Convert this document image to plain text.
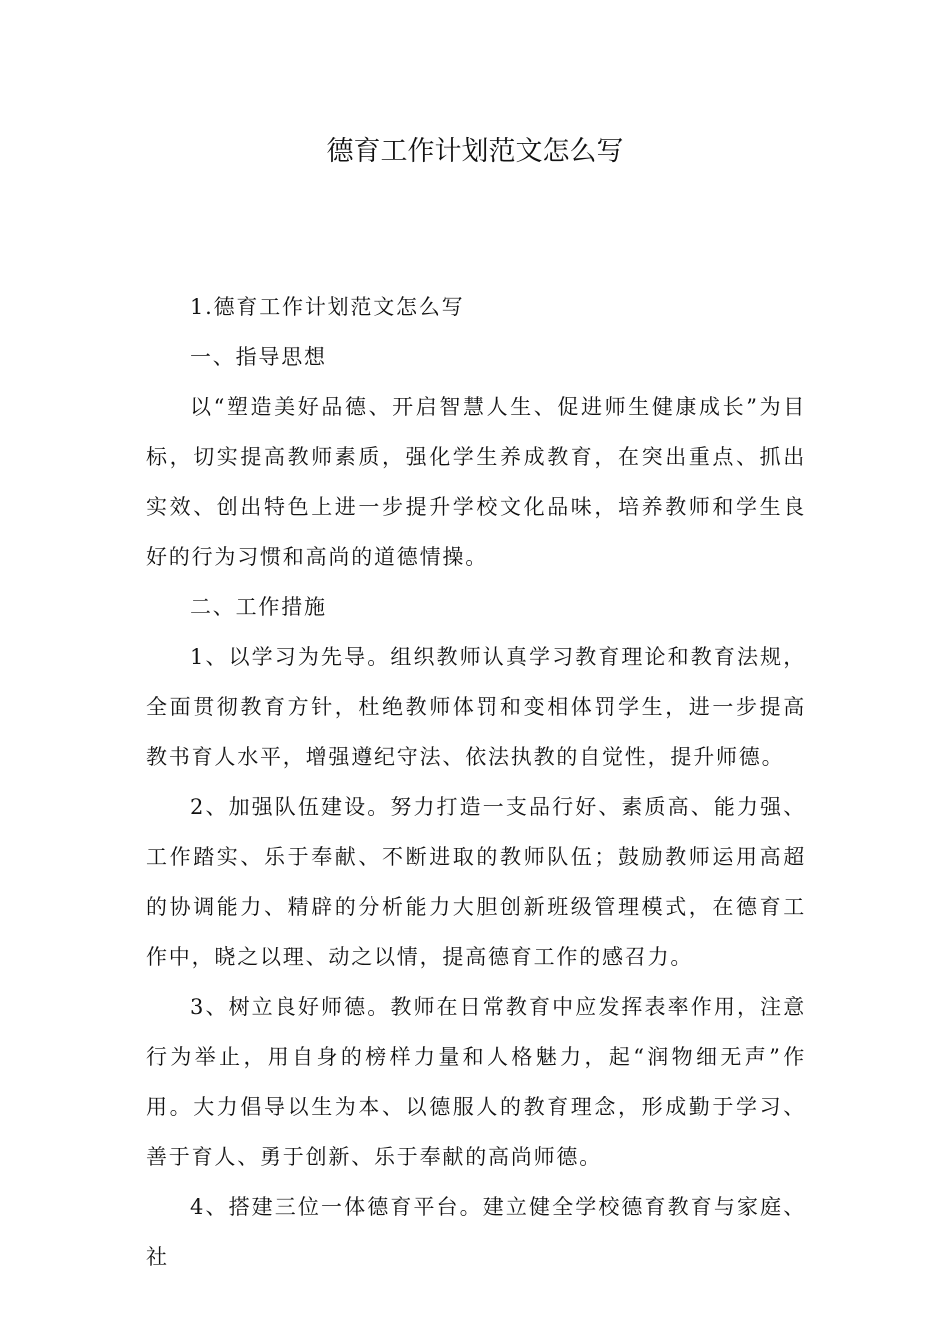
德育工作计划范文怎么写

1.德育工作计划范文怎么写

一、指导思想

以“塑造美好品德、开启智慧人生、促进师生健康成长”为目标，切实提高教师素质，强化学生养成教育，在突出重点、抓出实效、创出特色上进一步提升学校文化品味，培养教师和学生良好的行为习惯和高尚的道德情操。

二、工作措施

1、以学习为先导。组织教师认真学习教育理论和教育法规，全面贯彻教育方针，杜绝教师体罚和变相体罚学生，进一步提高教书育人水平，增强遵纪守法、依法执教的自觉性，提升师德。

2、加强队伍建设。努力打造一支品行好、素质高、能力强、工作踏实、乐于奉献、不断进取的教师队伍；鼓励教师运用高超的协调能力、精辟的分析能力大胆创新班级管理模式，在德育工作中，晓之以理、动之以情，提高德育工作的感召力。

3、树立良好师德。教师在日常教育中应发挥表率作用，注意行为举止，用自身的榜样力量和人格魅力，起“润物细无声”作用。大力倡导以生为本、以德服人的教育理念，形成勤于学习、善于育人、勇于创新、乐于奉献的高尚师德。

4、搭建三位一体德育平台。建立健全学校德育教育与家庭、社
